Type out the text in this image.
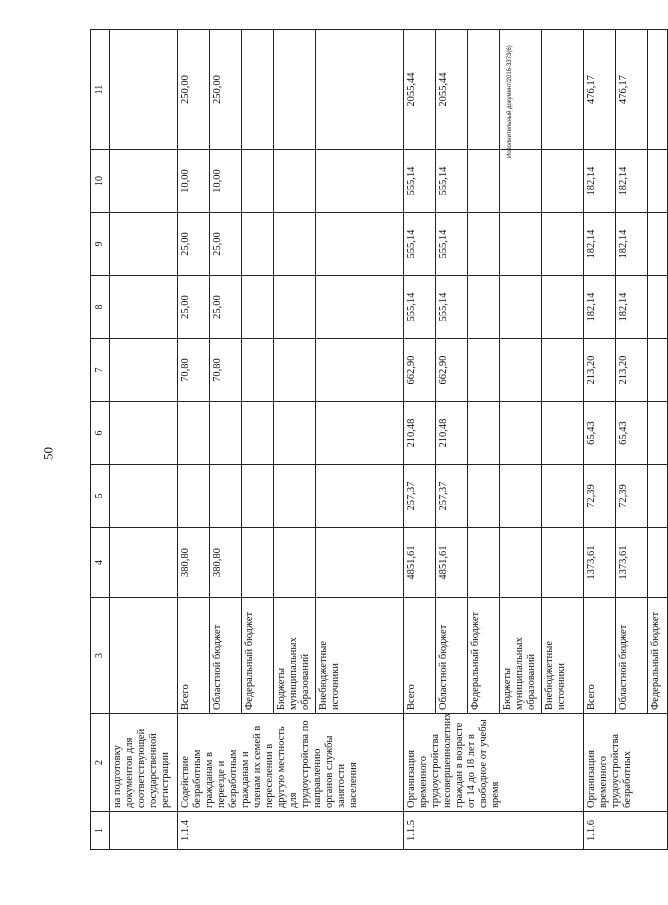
50
Исполнительный документ/2016-3373(6)
1	2	3	4	5	6	7	8	9	10	11
	на подготовку документов для соответствующей государственной регистрации									
1.1.4	Содействие безработным гражданам в переезде и безработным гражданам и членам их семей в переселении в другую местность для трудоустройства по направлению органов службы занятости населения	Всего	380,80			70,80	25,00	25,00	10,00	250,00
		Областной бюджет	380,80			70,80	25,00	25,00	10,00	250,00
		Федеральный бюджет								
		Бюджеты муниципальных образований								
		Внебюджетные источники								
1.1.5	Организация временного трудоустройства несовершеннолетних граждан в возрасте от 14 до 18 лет в свободное от учебы время	Всего	4851,61	257,37	210,48	662,90	555,14	555,14	555,14	2055,44
		Областной бюджет	4851,61	257,37	210,48	662,90	555,14	555,14	555,14	2055,44
		Федеральный бюджет								
		Бюджеты муниципальных образований								
		Внебюджетные источники								
1.1.6	Организация временного трудоустройства безработных	Всего	1373,61	72,39	65,43	213,20	182,14	182,14	182,14	476,17
		Областной бюджет	1373,61	72,39	65,43	213,20	182,14	182,14	182,14	476,17
		Федеральный бюджет								
